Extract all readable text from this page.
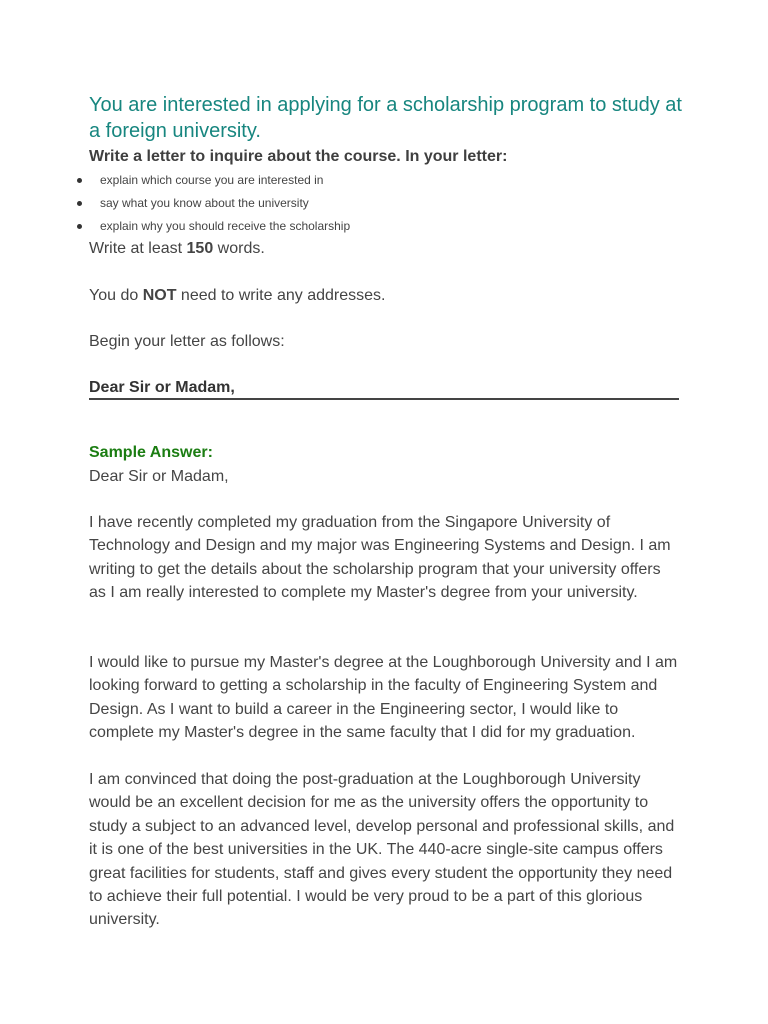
You are interested in applying for a scholarship program to study at a foreign university.

Write a letter to inquire about the course. In your letter:

explain which course you are interested in
say what you know about the university
explain why you should receive the scholarship

Write at least 150 words.

You do NOT need to write any addresses.

Begin your letter as follows:

Dear Sir or Madam,

Sample Answer:

Dear Sir or Madam,

I have recently completed my graduation from the Singapore University of Technology and Design and my major was Engineering Systems and Design. I am writing to get the details about the scholarship program that your university offers as I am really interested to complete my Master's degree from your university.

I would like to pursue my Master's degree at the Loughborough University and I am looking forward to getting a scholarship in the faculty of Engineering System and Design. As I want to build a career in the Engineering sector, I would like to complete my Master's degree in the same faculty that I did for my graduation.

I am convinced that doing the post-graduation at the Loughborough University would be an excellent decision for me as the university offers the opportunity to study a subject to an advanced level, develop personal and professional skills, and it is one of the best universities in the UK. The 440-acre single-site campus offers great facilities for students, staff and gives every student the opportunity they need to achieve their full potential. I would be very proud to be a part of this glorious university.
